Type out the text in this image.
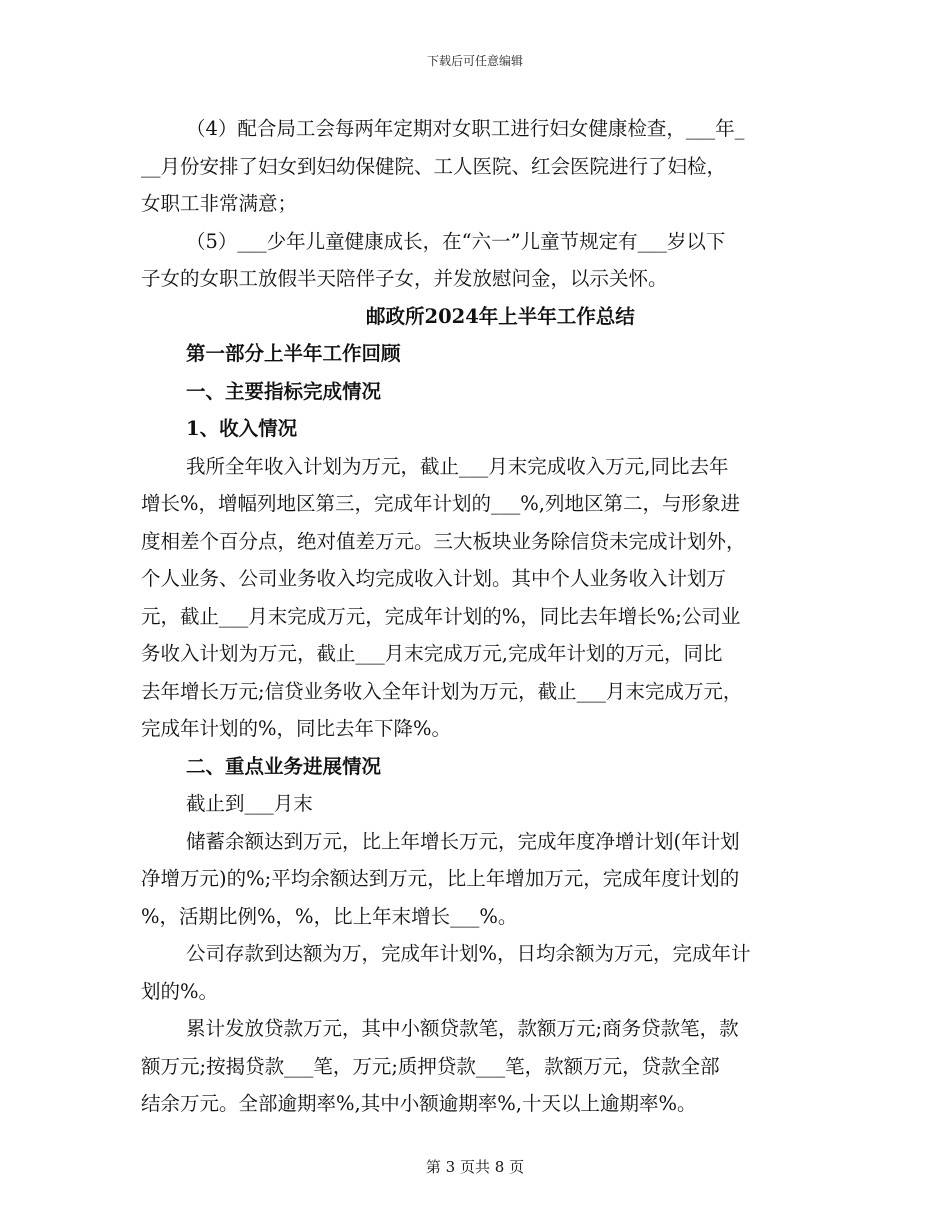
下载后可任意编辑
（4）配合局工会每两年定期对女职工进行妇女健康检查，___年_
__月份安排了妇女到妇幼保健院、工人医院、红会医院进行了妇检，
女职工非常满意；
（5）___少年儿童健康成长，在“六一”儿童节规定有___岁以下
子女的女职工放假半天陪伴子女，并发放慰问金，以示关怀。
邮政所2024年上半年工作总结
第一部分上半年工作回顾
一、主要指标完成情况
1、收入情况
我所全年收入计划为万元，截止___月末完成收入万元,同比去年
增长%，增幅列地区第三，完成年计划的___%,列地区第二，与形象进
度相差个百分点，绝对值差万元。三大板块业务除信贷未完成计划外，
个人业务、公司业务收入均完成收入计划。其中个人业务收入计划万
元，截止___月末完成万元，完成年计划的%，同比去年增长%;公司业
务收入计划为万元，截止___月末完成万元,完成年计划的万元，同比
去年增长万元;信贷业务收入全年计划为万元，截止___月末完成万元，
完成年计划的%，同比去年下降%。
二、重点业务进展情况
截止到___月末
储蓄余额达到万元，比上年增长万元，完成年度净增计划(年计划
净增万元)的%;平均余额达到万元，比上年增加万元，完成年度计划的
%，活期比例%，%，比上年末增长___%。
公司存款到达额为万，完成年计划%，日均余额为万元，完成年计
划的%。
累计发放贷款万元，其中小额贷款笔，款额万元;商务贷款笔，款
额万元;按揭贷款___笔，万元;质押贷款___笔，款额万元，贷款全部
结余万元。全部逾期率%,其中小额逾期率%,十天以上逾期率%。
第 3 页共 8 页
